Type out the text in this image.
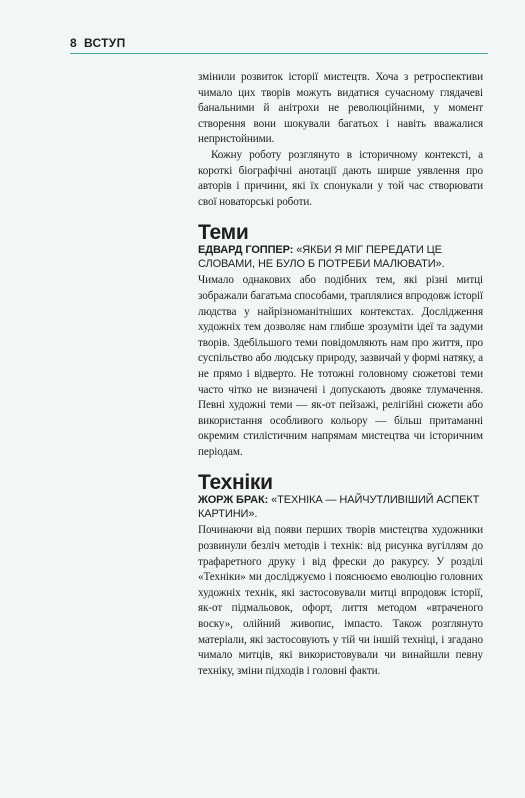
8 ВСТУП

змінили розвиток історії мистецтв. Хоча з ретроспективи чимало цих творів можуть видатися сучасному глядачеві банальними й анітрохи не революційними, у момент створення вони шокували багатьох і навіть вважалися непристойними.

Кожну роботу розглянуто в історичному контексті, а короткі біографічні анотації дають ширше уявлення про авторів і причини, які їх спонукали у той час створювати свої новаторські роботи.

Теми
ЕДВАРД ГОППЕР: «ЯКБИ Я МІГ ПЕРЕДАТИ ЦЕ СЛОВАМИ, НЕ БУЛО Б ПОТРЕБИ МАЛЮВАТИ».

Чимало однакових або подібних тем, які різні митці зображали багатьма способами, траплялися впродовж історії людства у найрізноманітніших контекстах. Дослідження художніх тем дозволяє нам глибше зрозуміти ідеї та задуми творів. Здебільшого теми повідомляють нам про життя, про суспільство або людську природу, зазвичай у формі натяку, а не прямо і відверто. Не тотожні головному сюжетові теми часто чітко не визначені і допускають двояке тлумачення. Певні художні теми — як-от пейзажі, релігійні сюжети або використання особливого кольору — більш притаманні окремим стилістичним напрямам мистецтва чи історичним періодам.

Техніки
ЖОРЖ БРАК: «ТЕХНІКА — НАЙЧУТЛИВІШИЙ АСПЕКТ КАРТИНИ».

Починаючи від появи перших творів мистецтва художники розвинули безліч методів і технік: від рисунка вугіллям до трафаретного друку і від фрески до ракурсу. У розділі «Техніки» ми досліджуємо і пояснюємо еволюцію головних художніх технік, які застосовували митці впродовж історії, як-от підмальовок, офорт, лиття методом «втраченого воску», олійний живопис, імпасто. Також розглянуто матеріали, які застосовують у тій чи іншій техніці, і згадано чимало митців, які використовували чи винайшли певну техніку, зміни підходів і головні факти.
